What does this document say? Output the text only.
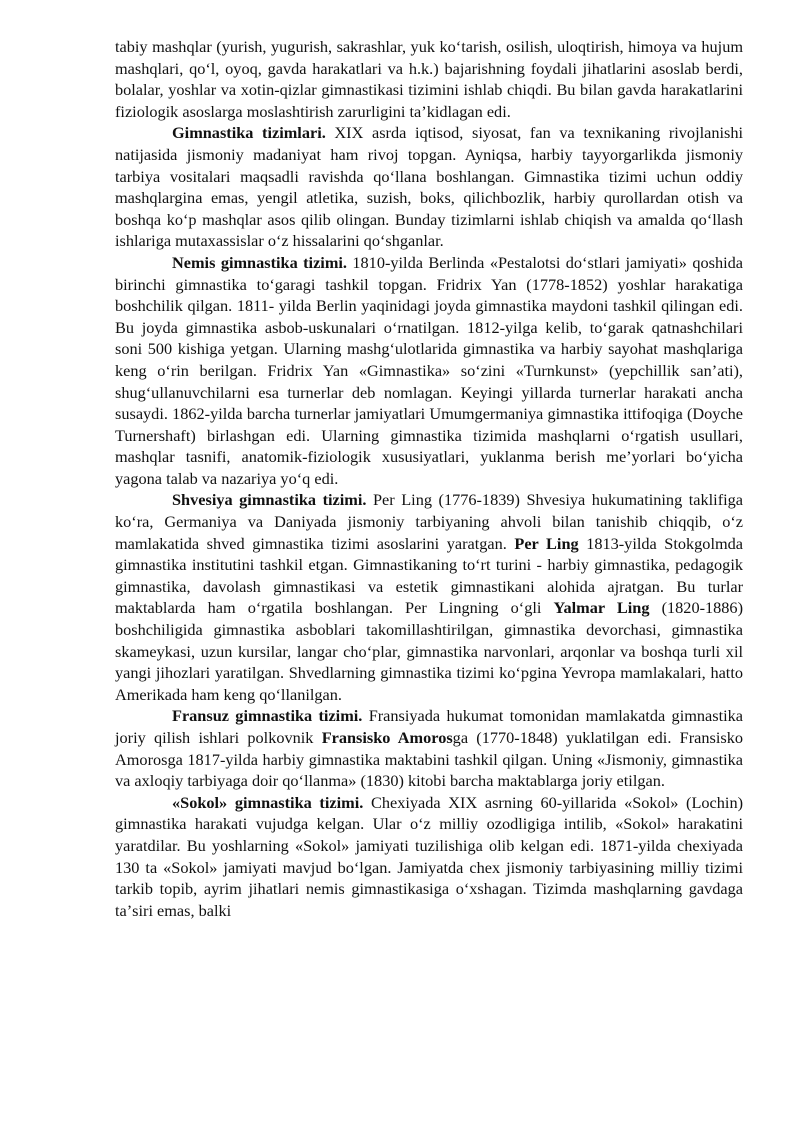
tabiy mashqlar (yurish, yugurish, sakrashlar, yuk koʻtarish, osilish, uloqtirish, himoya va hujum mashqlari, qoʻl, oyoq, gavda harakatlari va h.k.) bajarishning foydali jihatlarini asoslab berdi, bolalar, yoshlar va xotin-qizlar gimnastikasi tizimini ishlab chiqdi. Bu bilan gavda harakatlarini fiziologik asoslarga moslashtirish zarurligini taʼkidlagan edi.

Gimnastika tizimlari. XIX asrda iqtisod, siyosat, fan va texnikaning rivojlanishi natijasida jismoniy madaniyat ham rivoj topgan. Ayniqsa, harbiy tayyorgarlikda jismoniy tarbiya vositalari maqsadli ravishda qoʻllana boshlangan. Gimnastika tizimi uchun oddiy mashqlargina emas, yengil atletika, suzish, boks, qilichbozlik, harbiy qurollardan otish va boshqa koʻp mashqlar asos qilib olingan. Bunday tizimlarni ishlab chiqish va amalda qoʻllash ishlariga mutaxassislar oʻz hissalarini qoʻshganlar.

Nemis gimnastika tizimi. 1810-yilda Berlinda «Pestalotsi doʻstlari jamiyati» qoshida birinchi gimnastika toʻgaragi tashkil topgan. Fridrix Yan (1778-1852) yoshlar harakatiga boshchilik qilgan. 1811- yilda Berlin yaqinidagi joyda gimnastika maydoni tashkil qilingan edi. Bu joyda gimnastika asbob-uskunalari oʻrnatilgan. 1812-yilga kelib, toʻgarak qatnashchilari soni 500 kishiga yetgan. Ularning mashgʻulotlarida gimnastika va harbiy sayohat mashqlariga keng oʻrin berilgan. Fridrix Yan «Gimnastika» soʻzini «Turnkunst» (yepchillik sanʼati), shugʻullanuvchilarni esa turnerlar deb nomlagan. Keyingi yillarda turnerlar harakati ancha susaydi. 1862-yilda barcha turnerlar jamiyatlari Umumgermaniya gimnastika ittifoqiga (Doyche Turnershaft) birlashgan edi. Ularning gimnastika tizimida mashqlarni oʻrgatish usullari, mashqlar tasnifi, anatomik-fiziologik xususiyatlari, yuklanma berish meʼyorlari boʻyicha yagona talab va nazariya yoʻq edi.

Shvesiya gimnastika tizimi. Per Ling (1776-1839) Shvesiya hukumatining taklifiga koʻra, Germaniya va Daniyada jismoniy tarbiyaning ahvoli bilan tanishib chiqqib, oʻz mamlakatida shved gimnastika tizimi asoslarini yaratgan. Per Ling 1813-yilda Stokgolmda gimnastika institutini tashkil etgan. Gimnastikaning toʻrt turini - harbiy gimnastika, pedagogik gimnastika, davolash gimnastikasi va estetik gimnastikani alohida ajratgan. Bu turlar maktablarda ham oʻrgatila boshlangan. Per Lingning oʻgli Yalmar Ling (1820-1886) boshchiligida gimnastika asboblari takomillashtirilgan, gimnastika devorchasi, gimnastika skameykasi, uzun kursilar, langar choʻplar, gimnastika narvonlari, arqonlar va boshqa turli xil yangi jihozlari yaratilgan. Shvedlarning gimnastika tizimi koʻpgina Yevropa mamlakalari, hatto Amerikada ham keng qoʻllanilgan.

Fransuz gimnastika tizimi. Fransiyada hukumat tomonidan mamlakatda gimnastika joriy qilish ishlari polkovnik Fransisko Amorosga (1770-1848) yuklatilgan edi. Fransisko Amorosga 1817-yilda harbiy gimnastika maktabini tashkil qilgan. Uning «Jismoniy, gimnastika va axloqiy tarbiyaga doir qoʻllanma» (1830) kitobi barcha maktablarga joriy etilgan.

«Sokol» gimnastika tizimi. Chexiyada XIX asrning 60-yillarida «Sokol» (Lochin) gimnastika harakati vujudga kelgan. Ular oʻz milliy ozodligiga intilib, «Sokol» harakatini yaratdilar. Bu yoshlarning «Sokol» jamiyati tuzilishiga olib kelgan edi. 1871-yilda chexiyada 130 ta «Sokol» jamiyati mavjud boʻlgan. Jamiyatda chex jismoniy tarbiyasining milliy tizimi tarkib topib, ayrim jihatlari nemis gimnastikasiga oʻxshagan. Tizimda mashqlarning gavdaga taʼsiri emas, balki
